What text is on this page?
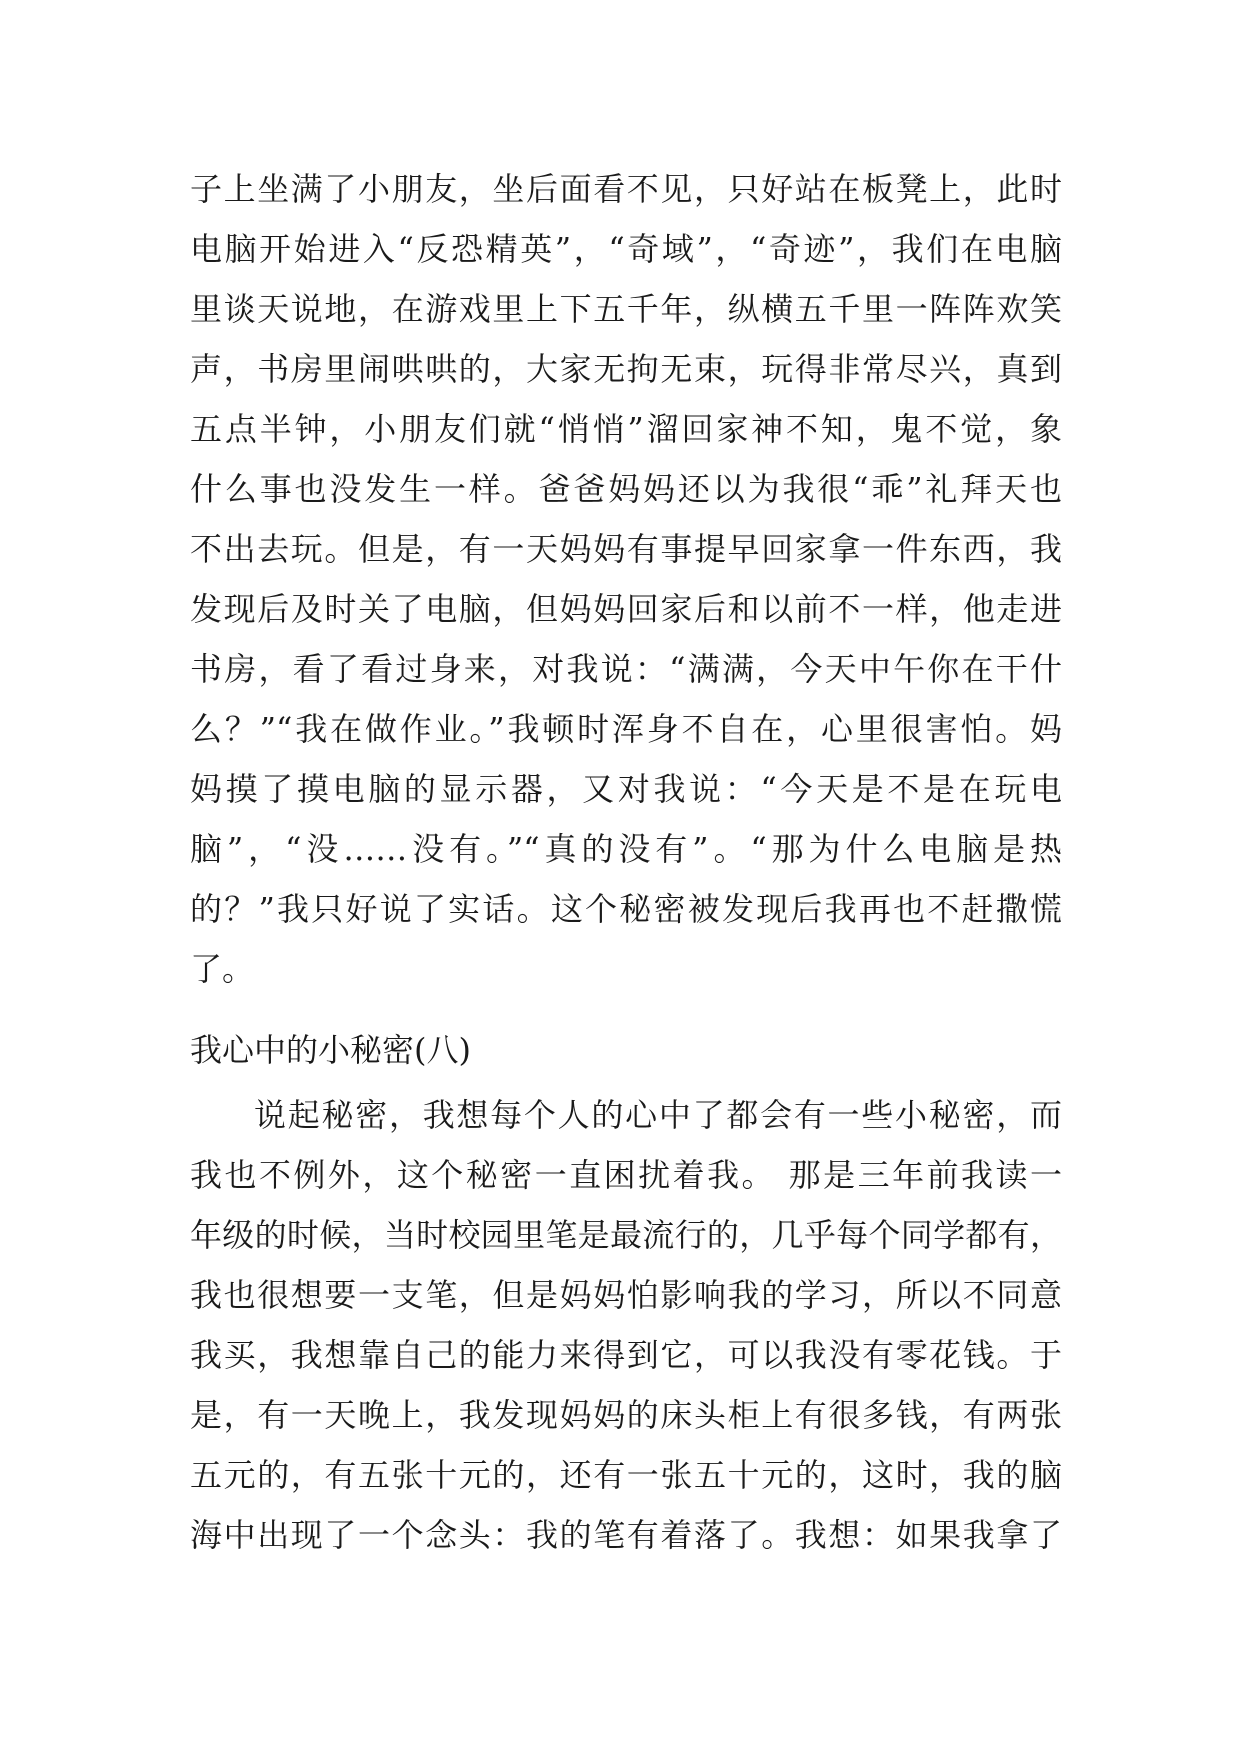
子上坐满了小朋友，坐后面看不见，只好站在板凳上，此时
电脑开始进入“反恐精英”，“奇域”，“奇迹”，我们在电脑
里谈天说地，在游戏里上下五千年，纵横五千里一阵阵欢笑
声，书房里闹哄哄的，大家无拘无束，玩得非常尽兴，真到
五点半钟，小朋友们就“悄悄”溜回家神不知，鬼不觉，象
什么事也没发生一样。爸爸妈妈还以为我很“乖”礼拜天也
不出去玩。但是，有一天妈妈有事提早回家拿一件东西，我
发现后及时关了电脑，但妈妈回家后和以前不一样，他走进
书房，看了看过身来，对我说：“满满，今天中午你在干什
么？”“我在做作业。”我顿时浑身不自在，心里很害怕。妈
妈摸了摸电脑的显示器，又对我说：“今天是不是在玩电
脑”，“没……没有。”“真的没有”。“那为什么电脑是热
的？”我只好说了实话。这个秘密被发现后我再也不赶撒慌
了。
我心中的小秘密(八)
说起秘密，我想每个人的心中了都会有一些小秘密，而
我也不例外，这个秘密一直困扰着我。 那是三年前我读一
年级的时候，当时校园里笔是最流行的，几乎每个同学都有，
我也很想要一支笔，但是妈妈怕影响我的学习，所以不同意
我买，我想靠自己的能力来得到它，可以我没有零花钱。于
是，有一天晚上，我发现妈妈的床头柜上有很多钱，有两张
五元的，有五张十元的，还有一张五十元的，这时，我的脑
海中出现了一个念头：我的笔有着落了。我想：如果我拿了
